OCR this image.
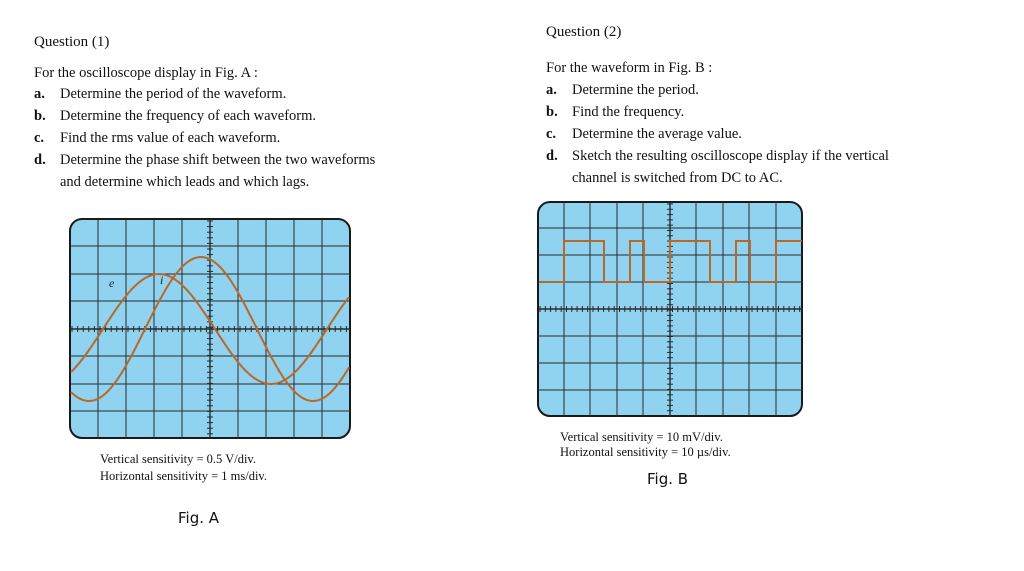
Question (1)
For the oscilloscope display in Fig. A :
a. Determine the period of the waveform.
b. Determine the frequency of each waveform.
c. Find the rms value of each waveform.
d. Determine the phase shift between the two waveforms
and determine which leads and which lags.
e	i
Vertical sensitivity = 0.5 V/div.
Horizontal sensitivity = 1 ms/div.
Fig. A
Question (2)
For the waveform in Fig. B :
a. Determine the period.
b. Find the frequency.
c. Determine the average value.
d. Sketch the resulting oscilloscope display if the vertical
channel is switched from DC to AC.
Vertical sensitivity = 10 mV/div.
Horizontal sensitivity = 10 µs/div.
Fig. B
